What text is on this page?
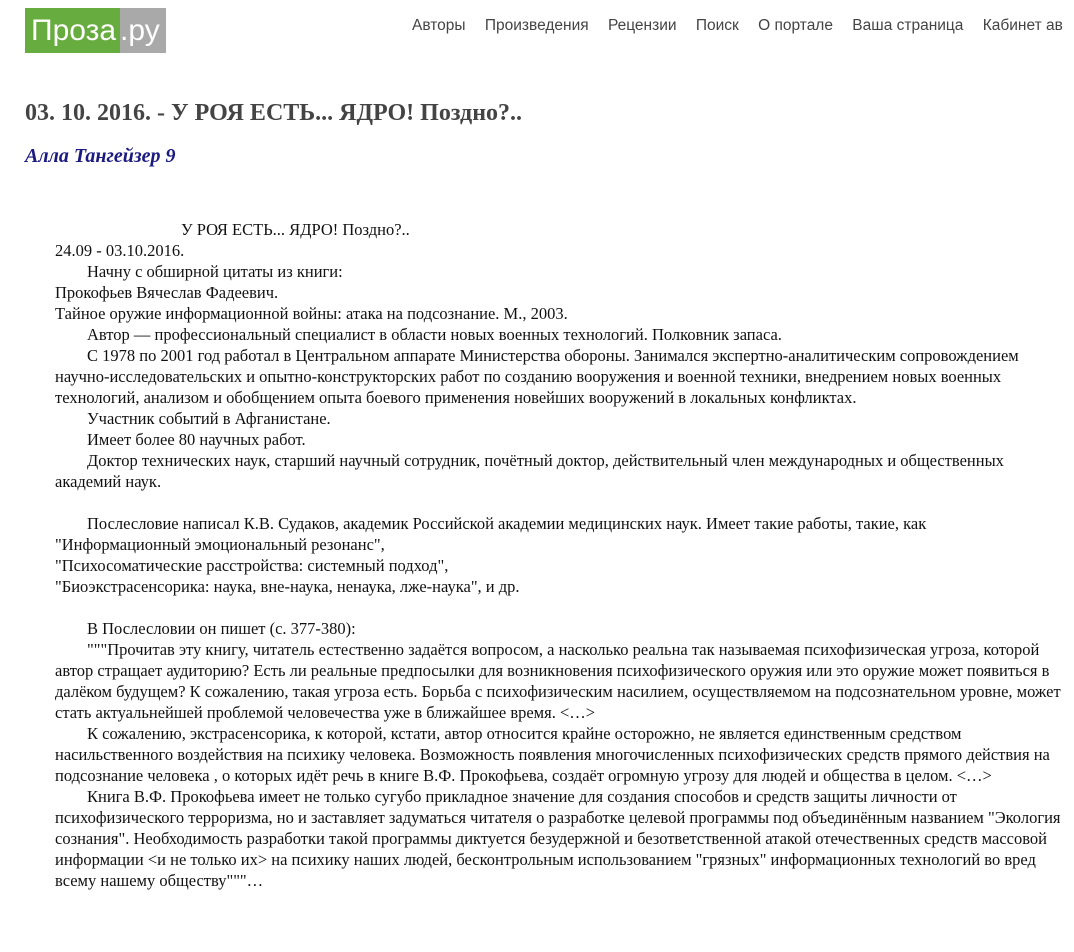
Проза .ру	Авторы Произведения Рецензии Поиск О портале Ваша страница Кабинет ав
03. 10. 2016. - У РОЯ ЕСТЬ... ЯДРО! Поздно?..
Алла Тангейзер 9

У РОЯ ЕСТЬ... ЯДРО! Поздно?..

24.09 - 03.10.2016.

Начну с обширной цитаты из книги:

Прокофьев Вячеслав Фадеевич.

Тайное оружие информационной войны: атака на подсознание. М., 2003.

Автор — профессиональный специалист в области новых военных технологий. Полковник запаса.

С 1978 по 2001 год работал в Центральном аппарате Министерства обороны. Занимался экспертно-аналитическим сопровождением научно-исследовательских и опытно-конструкторских работ по созданию вооружения и военной техники, внедрением новых военных технологий, анализом и обобщением опыта боевого применения новейших вооружений в локальных конфликтах.

Участник событий в Афганистане.

Имеет более 80 научных работ.

Доктор технических наук, старший научный сотрудник, почётный доктор, действительный член международных и общественных академий наук.

Послесловие написал К.В. Судаков, академик Российской академии медицинских наук. Имеет такие работы, такие, как

"Информационный эмоциональный резонанс",

"Психосоматические расстройства: системный подход",

"Биоэкстрасенсорика: наука, вне-наука, ненаука, лже-наука", и др.

В Послесловии он пишет (с. 377-380):

"""Прочитав эту книгу, читатель естественно задаётся вопросом, а насколько реальна так называемая психофизическая угроза, которой автор стращает аудиторию? Есть ли реальные предпосылки для возникновения психофизического оружия или это оружие может появиться в далёком будущем? К сожалению, такая угроза есть. Борьба с психофизическим насилием, осуществляемом на подсознательном уровне, может стать актуальнейшей проблемой человечества уже в ближайшее время. <…>

К сожалению, экстрасенсорика, к которой, кстати, автор относится крайне осторожно, не является единственным средством насильственного воздействия на психику человека. Возможность появления многочисленных психофизических средств прямого действия на подсознание человека , о которых идёт речь в книге В.Ф. Прокофьева, создаёт огромную угрозу для людей и общества в целом. <…>

Книга В.Ф. Прокофьева имеет не только сугубо прикладное значение для создания способов и средств защиты личности от психофизического терроризма, но и заставляет задуматься читателя о разработке целевой программы под объединённым названием "Экология сознания". Необходимость разработки такой программы диктуется безудержной и безответственной атакой отечественных средств массовой информации <и не только их> на психику наших людей, бесконтрольным использованием "грязных" информационных технологий во вред всему нашему обществу"""…
